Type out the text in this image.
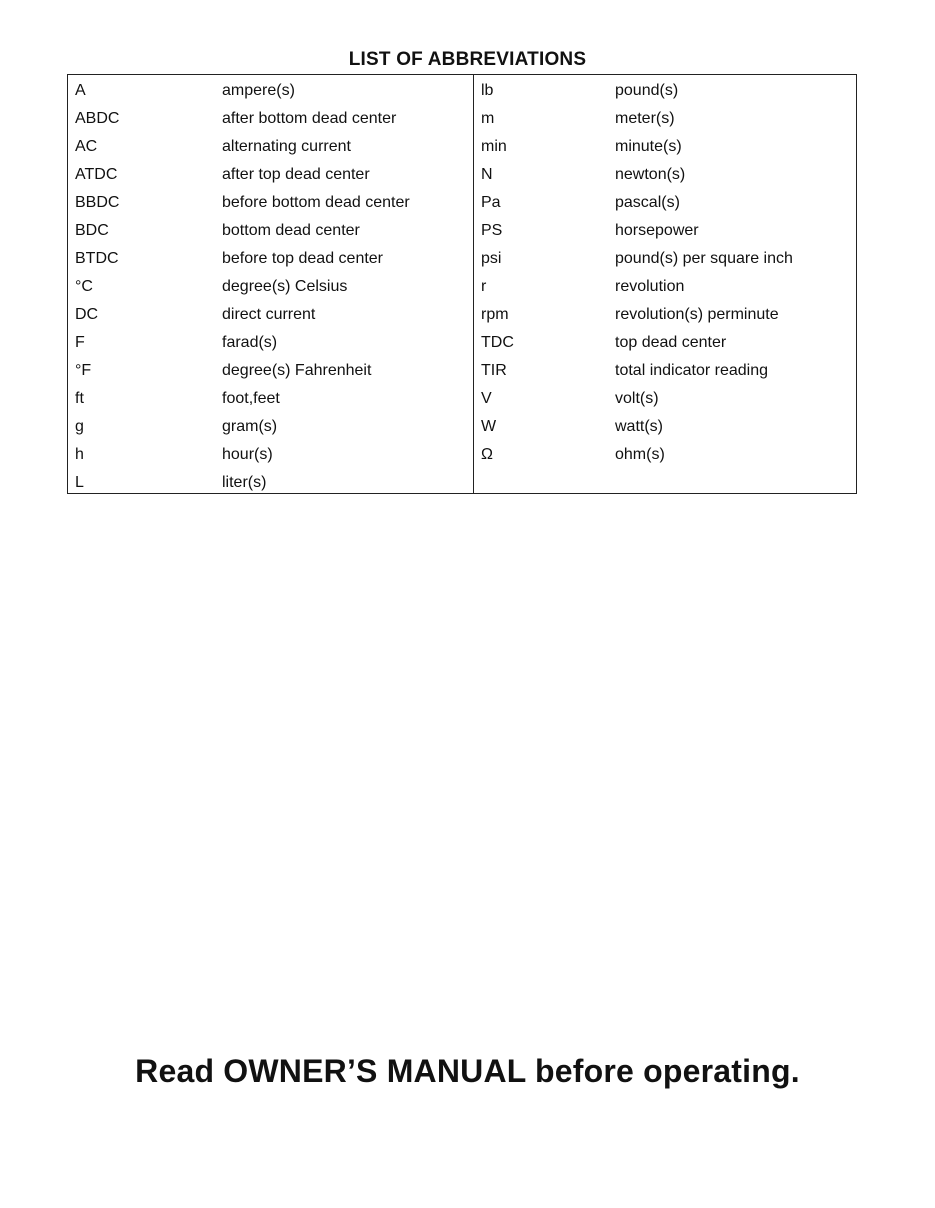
LIST OF ABBREVIATIONS
A	ampere(s)
ABDC	after bottom dead center
AC	alternating current
ATDC	after top dead center
BBDC	before bottom dead center
BDC	bottom dead center
BTDC	before top dead center
°C	degree(s) Celsius
DC	direct current
F	farad(s)
°F	degree(s) Fahrenheit
ft	foot,feet
g	gram(s)
h	hour(s)
L	liter(s)
lb	pound(s)
m	meter(s)
min	minute(s)
N	newton(s)
Pa	pascal(s)
PS	horsepower
psi	pound(s) per square inch
r	revolution
rpm	revolution(s) perminute
TDC	top dead center
TIR	total indicator reading
V	volt(s)
W	watt(s)
Ω	ohm(s)
Read OWNER’S MANUAL before operating.
